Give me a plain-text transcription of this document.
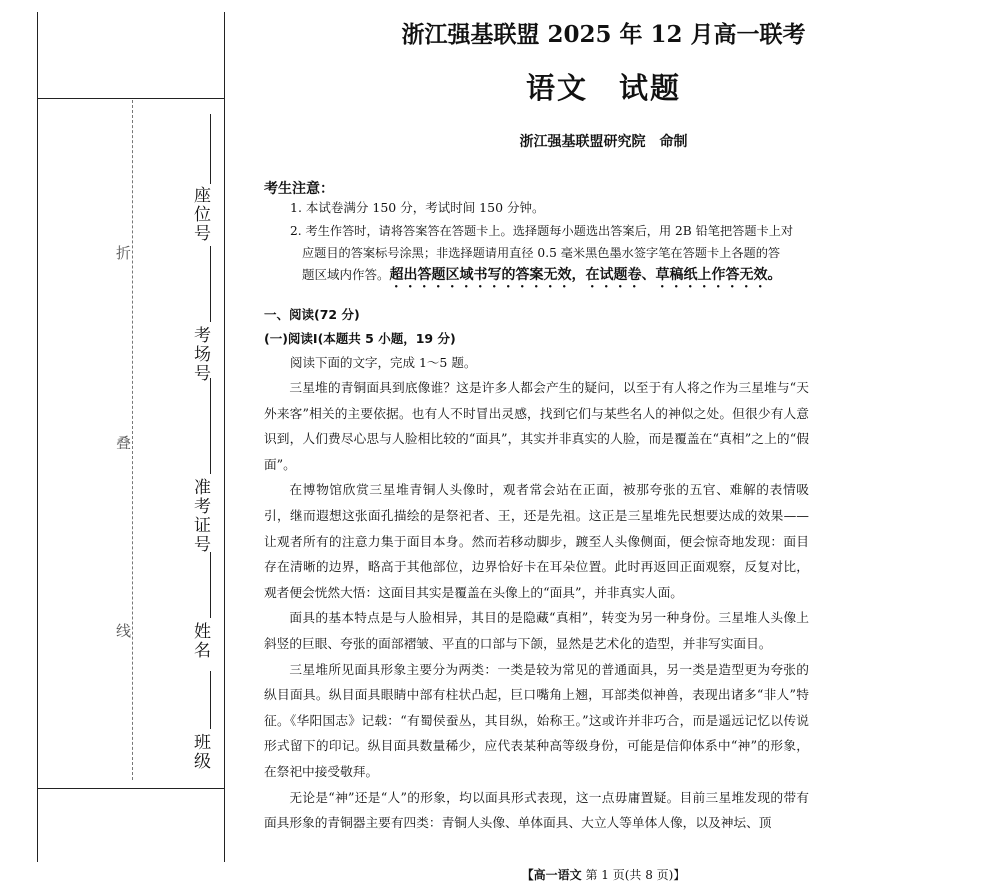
折
叠
线
座位号
考场号
准考证号
姓名
班级
浙江强基联盟 2025 年 12 月高一联考
语文　试题
浙江强基联盟研究院　命制
考生注意：
1. 本试卷满分 150 分，考试时间 150 分钟。
2. 考生作答时，请将答案答在答题卡上。选择题每小题选出答案后，用 2B 铅笔把答题卡上对
应题目的答案标号涂黑；非选择题请用直径 0.5 毫米黑色墨水签字笔在答题卡上各题的答
题区域内作答。超出答题区域书写的答案无效，在试题卷、草稿纸上作答无效。
一、阅读(72 分)
(一)阅读Ⅰ(本题共 5 小题，19 分)
阅读下面的文字，完成 1～5 题。

三星堆的青铜面具到底像谁？这是许多人都会产生的疑问，以至于有人将之作为三星堆与“天外来客”相关的主要依据。也有人不时冒出灵感，找到它们与某些名人的神似之处。但很少有人意识到，人们费尽心思与人脸相比较的“面具”，其实并非真实的人脸，而是覆盖在“真相”之上的“假面”。

在博物馆欣赏三星堆青铜人头像时，观者常会站在正面，被那夸张的五官、难解的表情吸引，继而遐想这张面孔描绘的是祭祀者、王，还是先祖。这正是三星堆先民想要达成的效果——让观者所有的注意力集于面目本身。然而若移动脚步，踱至人头像侧面，便会惊奇地发现：面目存在清晰的边界，略高于其他部位，边界恰好卡在耳朵位置。此时再返回正面观察，反复对比，观者便会恍然大悟：这面目其实是覆盖在头像上的“面具”，并非真实人面。

面具的基本特点是与人脸相异，其目的是隐藏“真相”，转变为另一种身份。三星堆人头像上斜竖的巨眼、夸张的面部褶皱、平直的口部与下颌，显然是艺术化的造型，并非写实面目。

三星堆所见面具形象主要分为两类：一类是较为常见的普通面具，另一类是造型更为夸张的纵目面具。纵目面具眼睛中部有柱状凸起，巨口嘴角上翘，耳部类似神兽，表现出诸多“非人”特征。《华阳国志》记载：“有蜀侯蚕丛，其目纵，始称王。”这或许并非巧合，而是遥远记忆以传说形式留下的印记。纵目面具数量稀少，应代表某种高等级身份，可能是信仰体系中“神”的形象，在祭祀中接受敬拜。

无论是“神”还是“人”的形象，均以面具形式表现，这一点毋庸置疑。目前三星堆发现的带有面具形象的青铜器主要有四类：青铜人头像、单体面具、大立人等单体人像，以及神坛、顶

【高一语文 第 1 页(共 8 页)】
